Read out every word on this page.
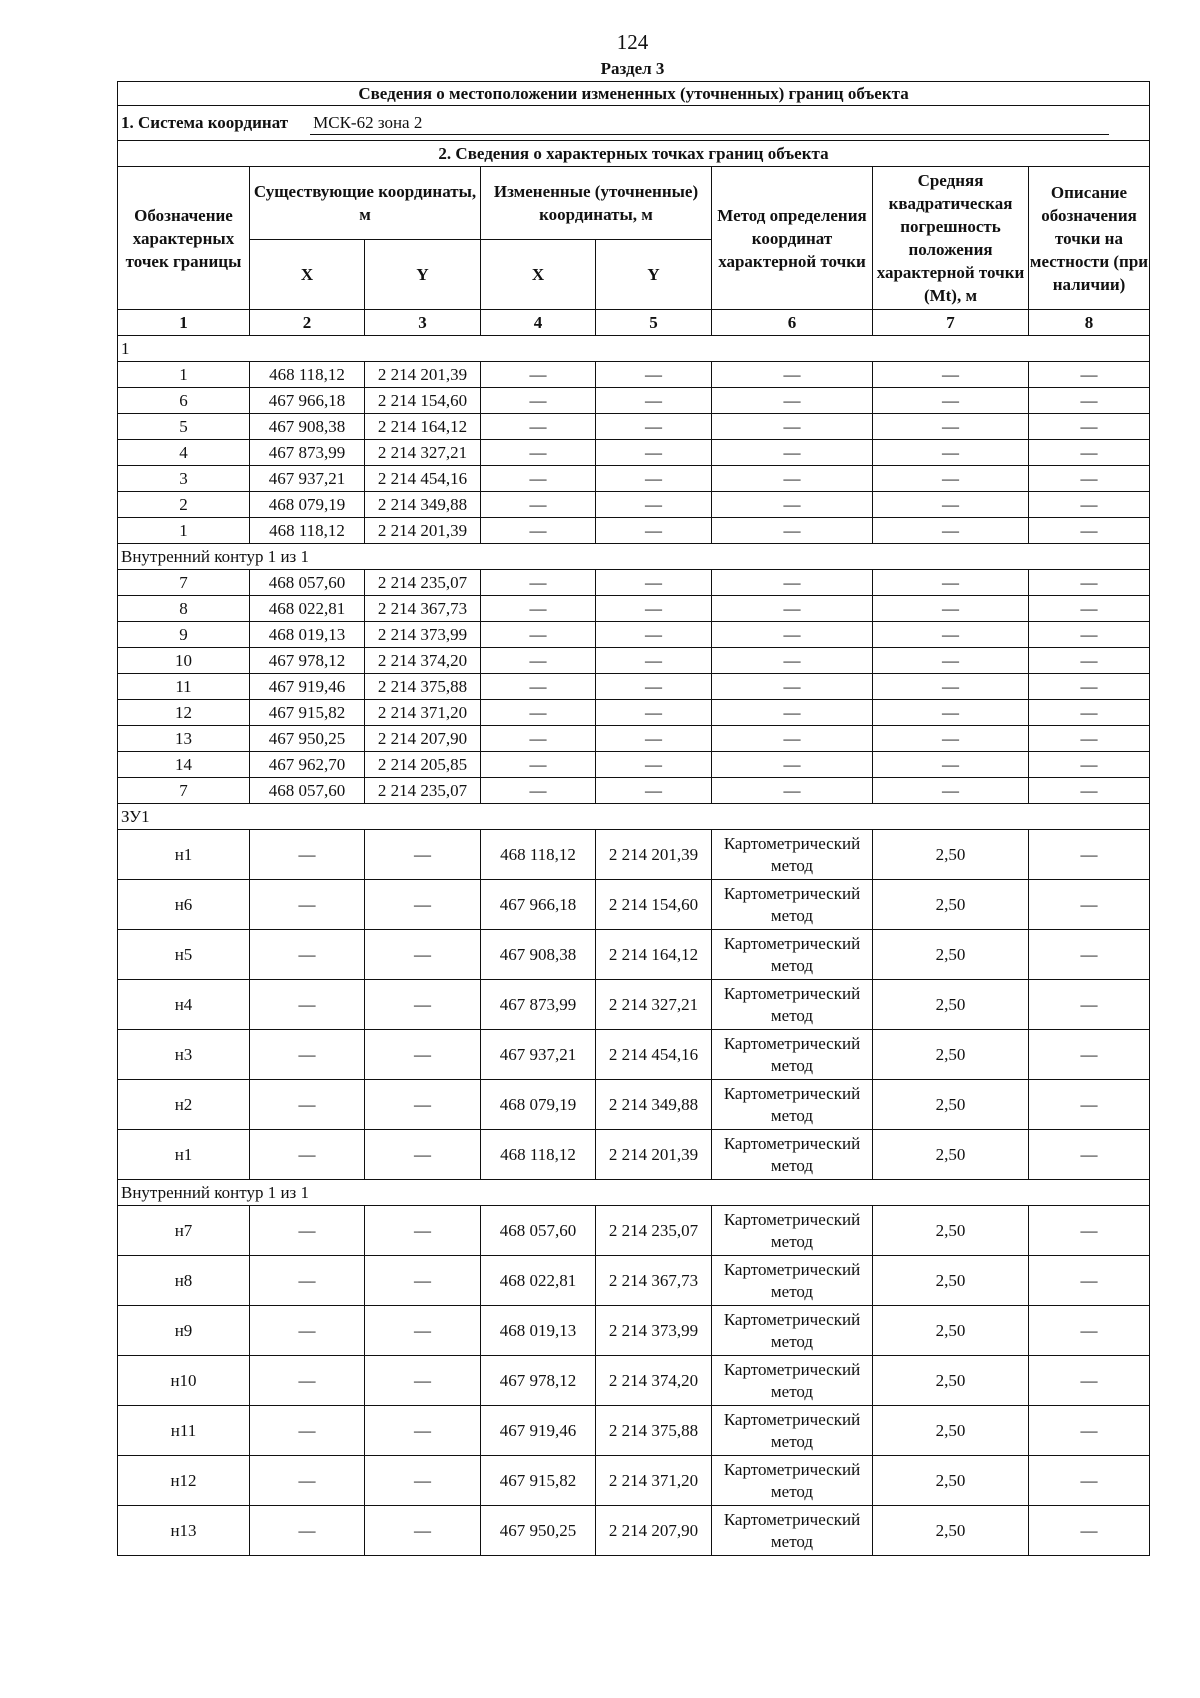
124
Раздел 3
Сведения о местоположении измененных (уточненных) границ объекта							

1. Система координат МСК-62 зона 2							

2. Сведения о характерных точках границ объекта							
Обозначение характерных точек границы	Существующие координаты, м		Измененные (уточненные) координаты, м		Метод определения координат характерной точки	Средняя квадратическая погрешность положения характерной точки (Mt), м	Описание обозначения точки на местности (при наличии)
	X	Y	X	Y			
1	2	3	4	5	6	7	8
1							
1	468 118,12	2 214 201,39	—	—	—	—	—
6	467 966,18	2 214 154,60	—	—	—	—	—
5	467 908,38	2 214 164,12	—	—	—	—	—
4	467 873,99	2 214 327,21	—	—	—	—	—
3	467 937,21	2 214 454,16	—	—	—	—	—
2	468 079,19	2 214 349,88	—	—	—	—	—
1	468 118,12	2 214 201,39	—	—	—	—	—
Внутренний контур 1 из 1							
7	468 057,60	2 214 235,07	—	—	—	—	—
8	468 022,81	2 214 367,73	—	—	—	—	—
9	468 019,13	2 214 373,99	—	—	—	—	—
10	467 978,12	2 214 374,20	—	—	—	—	—
11	467 919,46	2 214 375,88	—	—	—	—	—
12	467 915,82	2 214 371,20	—	—	—	—	—
13	467 950,25	2 214 207,90	—	—	—	—	—
14	467 962,70	2 214 205,85	—	—	—	—	—
7	468 057,60	2 214 235,07	—	—	—	—	—
ЗУ1							
н1	—	—	468 118,12	2 214 201,39	Картометрический метод	2,50	—
н6	—	—	467 966,18	2 214 154,60	Картометрический метод	2,50	—
н5	—	—	467 908,38	2 214 164,12	Картометрический метод	2,50	—
н4	—	—	467 873,99	2 214 327,21	Картометрический метод	2,50	—
н3	—	—	467 937,21	2 214 454,16	Картометрический метод	2,50	—
н2	—	—	468 079,19	2 214 349,88	Картометрический метод	2,50	—
н1	—	—	468 118,12	2 214 201,39	Картометрический метод	2,50	—
Внутренний контур 1 из 1							
н7	—	—	468 057,60	2 214 235,07	Картометрический метод	2,50	—
н8	—	—	468 022,81	2 214 367,73	Картометрический метод	2,50	—
н9	—	—	468 019,13	2 214 373,99	Картометрический метод	2,50	—
н10	—	—	467 978,12	2 214 374,20	Картометрический метод	2,50	—
н11	—	—	467 919,46	2 214 375,88	Картометрический метод	2,50	—
н12	—	—	467 915,82	2 214 371,20	Картометрический метод	2,50	—
н13	—	—	467 950,25	2 214 207,90	Картометрический метод	2,50	—
